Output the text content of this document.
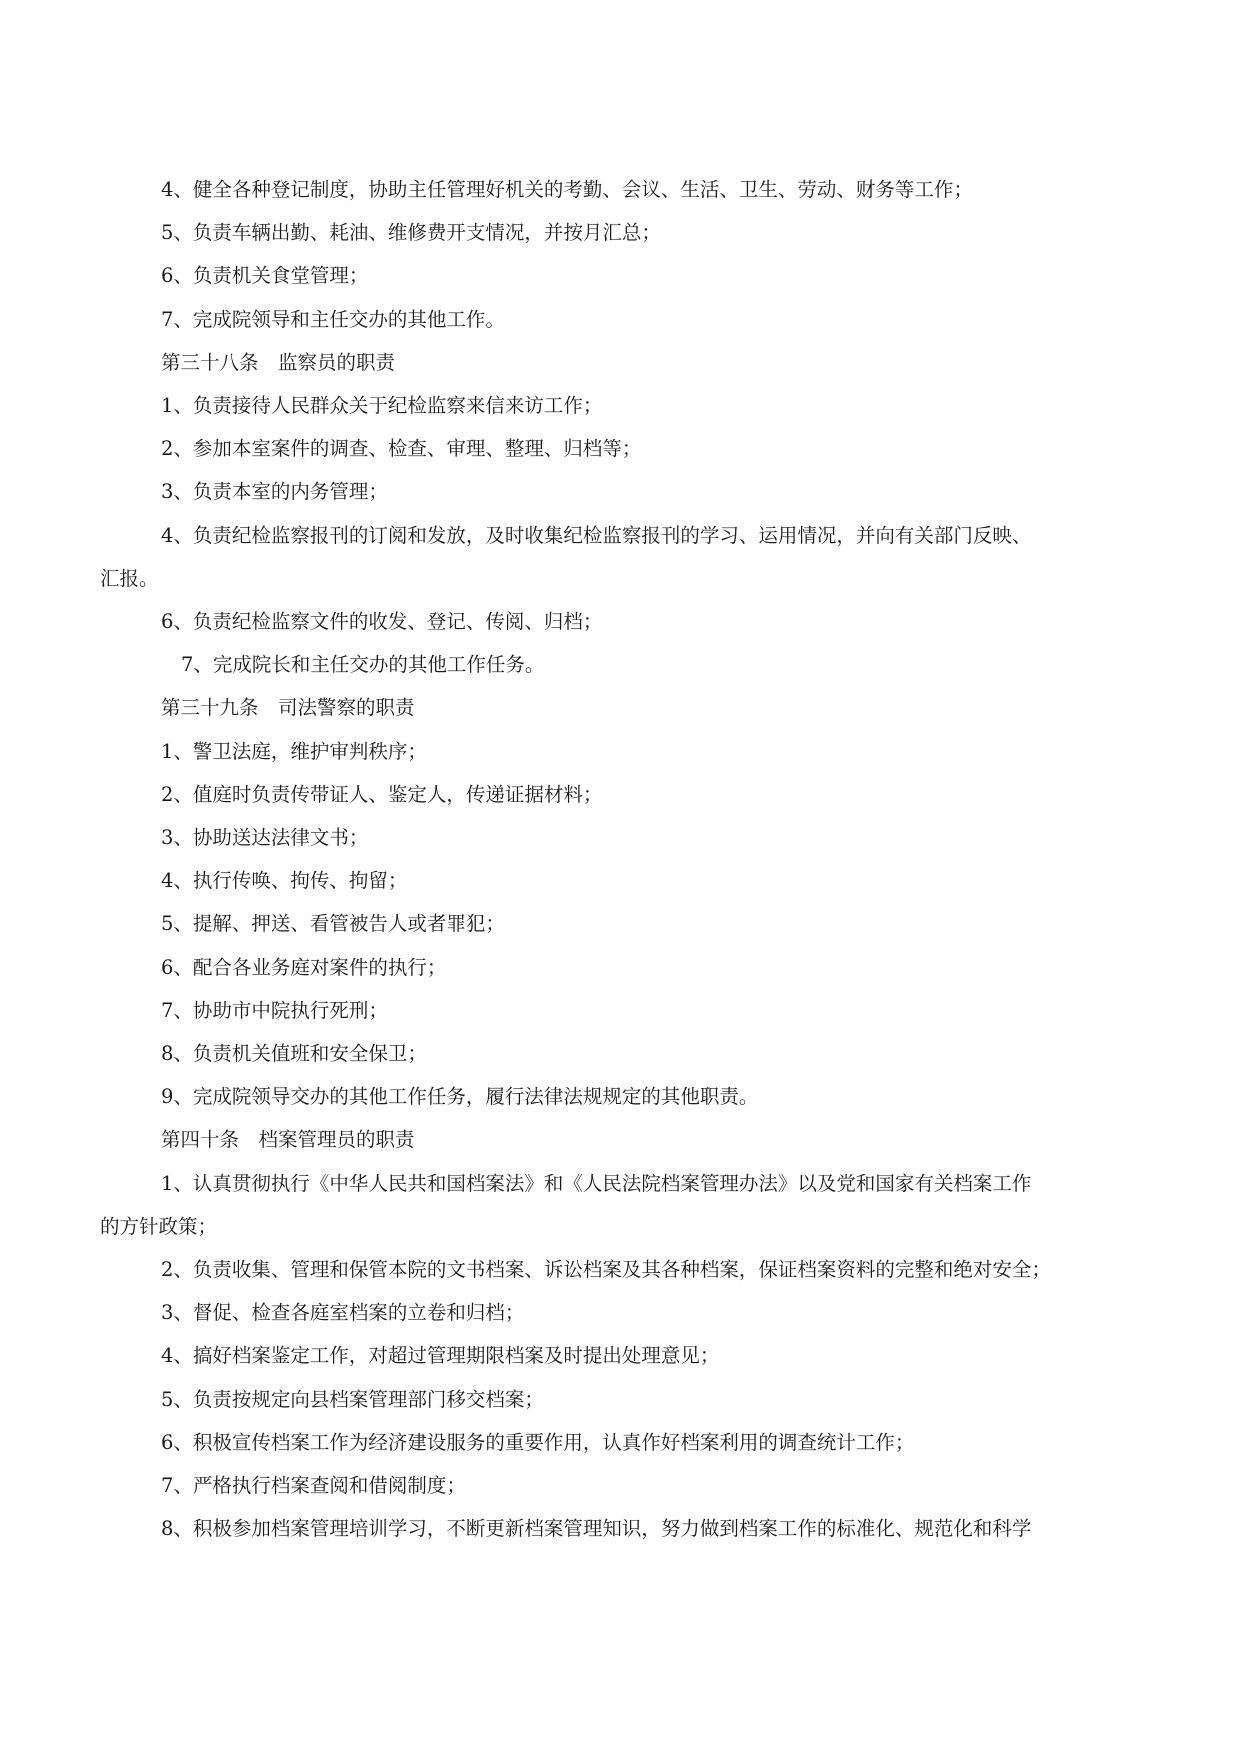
4、健全各种登记制度，协助主任管理好机关的考勤、会议、生活、卫生、劳动、财务等工作；

5、负责车辆出勤、耗油、维修费开支情况，并按月汇总；

6、负责机关食堂管理；

7、完成院领导和主任交办的其他工作。

第三十八条　监察员的职责

1、负责接待人民群众关于纪检监察来信来访工作；

2、参加本室案件的调查、检查、审理、整理、归档等；

3、负责本室的内务管理；

4、负责纪检监察报刊的订阅和发放，及时收集纪检监察报刊的学习、运用情况，并向有关部门反映、

汇报。

6、负责纪检监察文件的收发、登记、传阅、归档；

7、完成院长和主任交办的其他工作任务。

第三十九条　司法警察的职责

1、警卫法庭，维护审判秩序；

2、值庭时负责传带证人、鉴定人，传递证据材料；

3、协助送达法律文书；

4、执行传唤、拘传、拘留；

5、提解、押送、看管被告人或者罪犯；

6、配合各业务庭对案件的执行；

7、协助市中院执行死刑；

8、负责机关值班和安全保卫；

9、完成院领导交办的其他工作任务，履行法律法规规定的其他职责。

第四十条　档案管理员的职责

1、认真贯彻执行《中华人民共和国档案法》和《人民法院档案管理办法》以及党和国家有关档案工作

的方针政策；

2、负责收集、管理和保管本院的文书档案、诉讼档案及其各种档案，保证档案资料的完整和绝对安全；

3、督促、检查各庭室档案的立卷和归档；

4、搞好档案鉴定工作，对超过管理期限档案及时提出处理意见；

5、负责按规定向县档案管理部门移交档案；

6、积极宣传档案工作为经济建设服务的重要作用，认真作好档案利用的调查统计工作；

7、严格执行档案查阅和借阅制度；

8、积极参加档案管理培训学习，不断更新档案管理知识，努力做到档案工作的标准化、规范化和科学
